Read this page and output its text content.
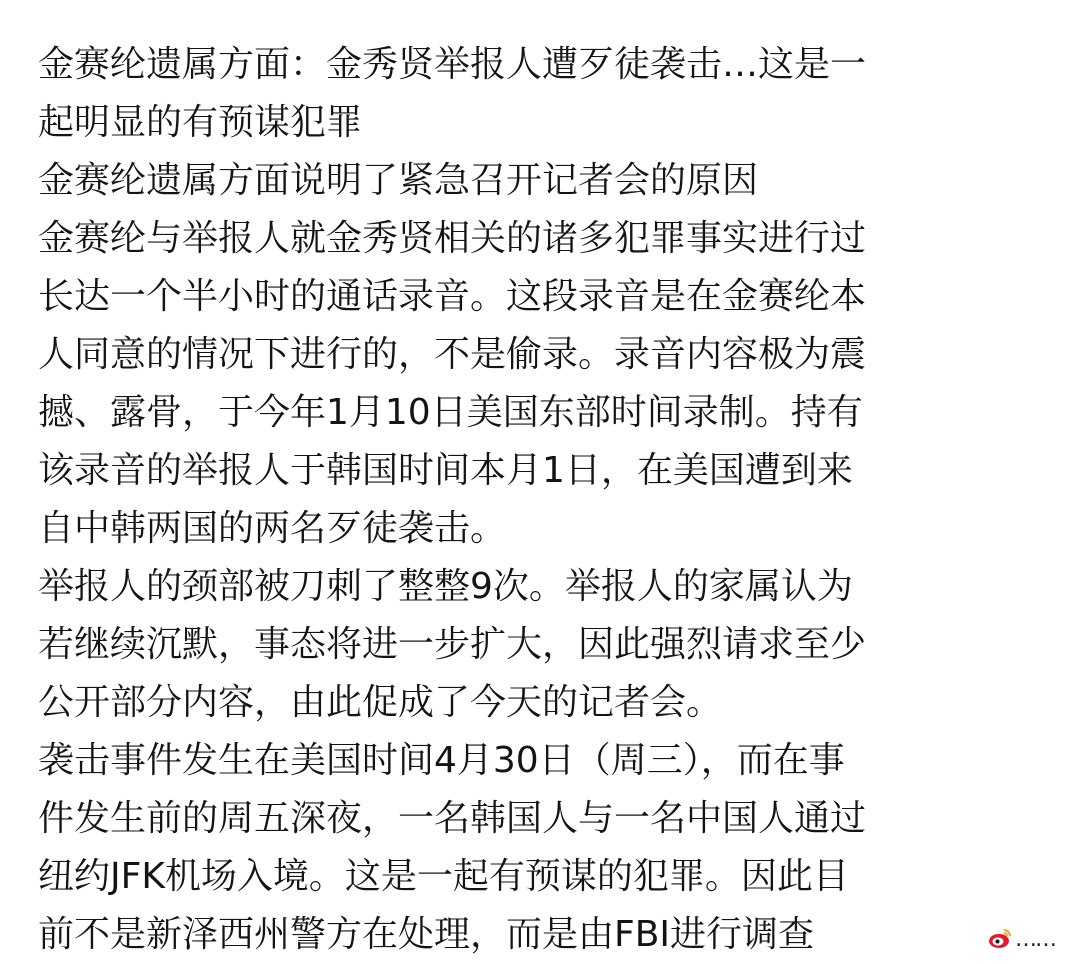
金赛纶遗属方面：金秀贤举报人遭歹徒袭击…这是一
起明显的有预谋犯罪
金赛纶遗属方面说明了紧急召开记者会的原因
金赛纶与举报人就金秀贤相关的诸多犯罪事实进行过
长达一个半小时的通话录音。这段录音是在金赛纶本
人同意的情况下进行的，不是偷录。录音内容极为震
撼、露骨，于今年1月10日美国东部时间录制。持有
该录音的举报人于韩国时间本月1日，在美国遭到来
自中韩两国的两名歹徒袭击。
举报人的颈部被刀刺了整整9次。举报人的家属认为
若继续沉默，事态将进一步扩大，因此强烈请求至少
公开部分内容，由此促成了今天的记者会。
袭击事件发生在美国时间4月30日（周三），而在事
件发生前的周五深夜，一名韩国人与一名中国人通过
纽约JFK机场入境。这是一起有预谋的犯罪。因此目
前不是新泽西州警方在处理，而是由FBI进行调查	……
